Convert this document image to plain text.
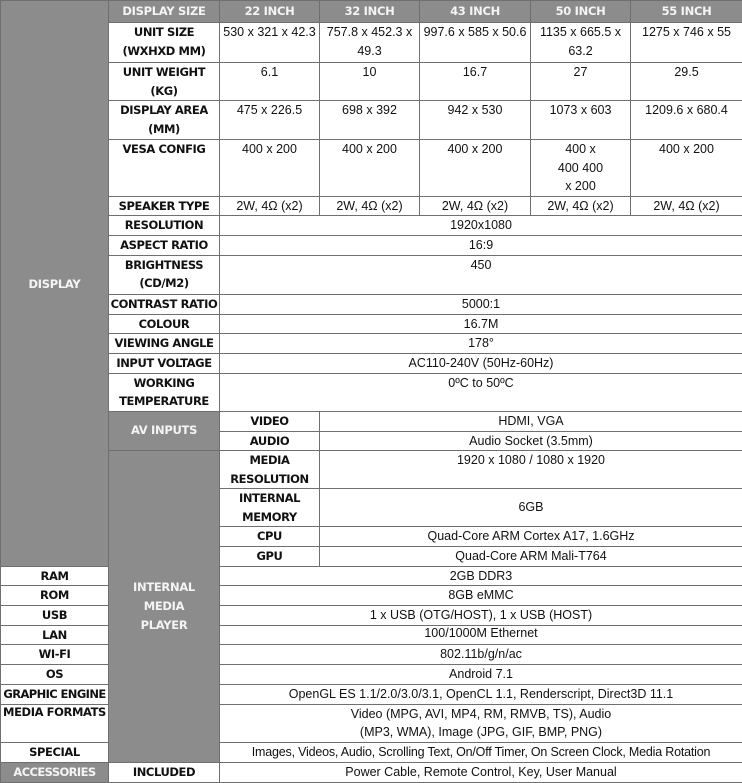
DISPLAY	DISPLAY SIZE	22 INCH	32 INCH	43 INCH	50 INCH	55 INCH
	UNIT SIZE (WXHXD MM)	530 x 321 x 42.3	757.8 x 452.3 x 49.3	997.6 x 585 x 50.6	1135 x 665.5 x 63.2	1275 x 746 x 55
	UNIT WEIGHT (KG)	6.1	10	16.7	27	29.5
	DISPLAY AREA (MM)	475 x 226.5	698 x 392	942 x 530	1073 x 603	1209.6 x 680.4
	VESA CONFIG	400 x 200	400 x 200	400 x 200	400 x 400 400 x 200	400 x 200
	SPEAKER TYPE	2W, 4Ω (x2)	2W, 4Ω (x2)	2W, 4Ω (x2)	2W, 4Ω (x2)	2W, 4Ω (x2)
	RESOLUTION	1920x1080				
	ASPECT RATIO	16:9				
	BRIGHTNESS (CD/M2)	450				
	CONTRAST RATIO	5000:1				
	COLOUR	16.7M				
	VIEWING ANGLE	178°				
	INPUT VOLTAGE	AC110-240V (50Hz-60Hz)				
	WORKING TEMPERATURE	0ºC to 50ºC				
	AV INPUTS	VIDEO	HDMI, VGA			
		AUDIO	Audio Socket (3.5mm)			
	INTERNAL MEDIA PLAYER	MEDIA RESOLUTION	1920 x 1080 / 1080 x 1920			
		INTERNAL MEMORY	6GB			
		CPU	Quad-Core ARM Cortex A17, 1.6GHz			
		GPU	Quad-Core ARM Mali-T764			
RAM		2GB DDR3				
ROM		8GB eMMC				
USB		1 x USB (OTG/HOST), 1 x USB (HOST)				
LAN		100/1000M Ethernet				
WI-FI		802.11b/g/n/ac				
OS		Android 7.1				
GRAPHIC ENGINE		OpenGL ES 1.1/2.0/3.0/3.1, OpenCL 1.1, Renderscript, Direct3D 11.1				
MEDIA FORMATS		Video (MPG, AVI, MP4, RM, RMVB, TS), Audio (MP3, WMA), Image (JPG, GIF, BMP, PNG)				
SPECIAL		Images, Videos, Audio, Scrolling Text, On/Off Timer, On Screen Clock, Media Rotation				
ACCESSORIES	INCLUDED	Power Cable, Remote Control, Key, User Manual				
